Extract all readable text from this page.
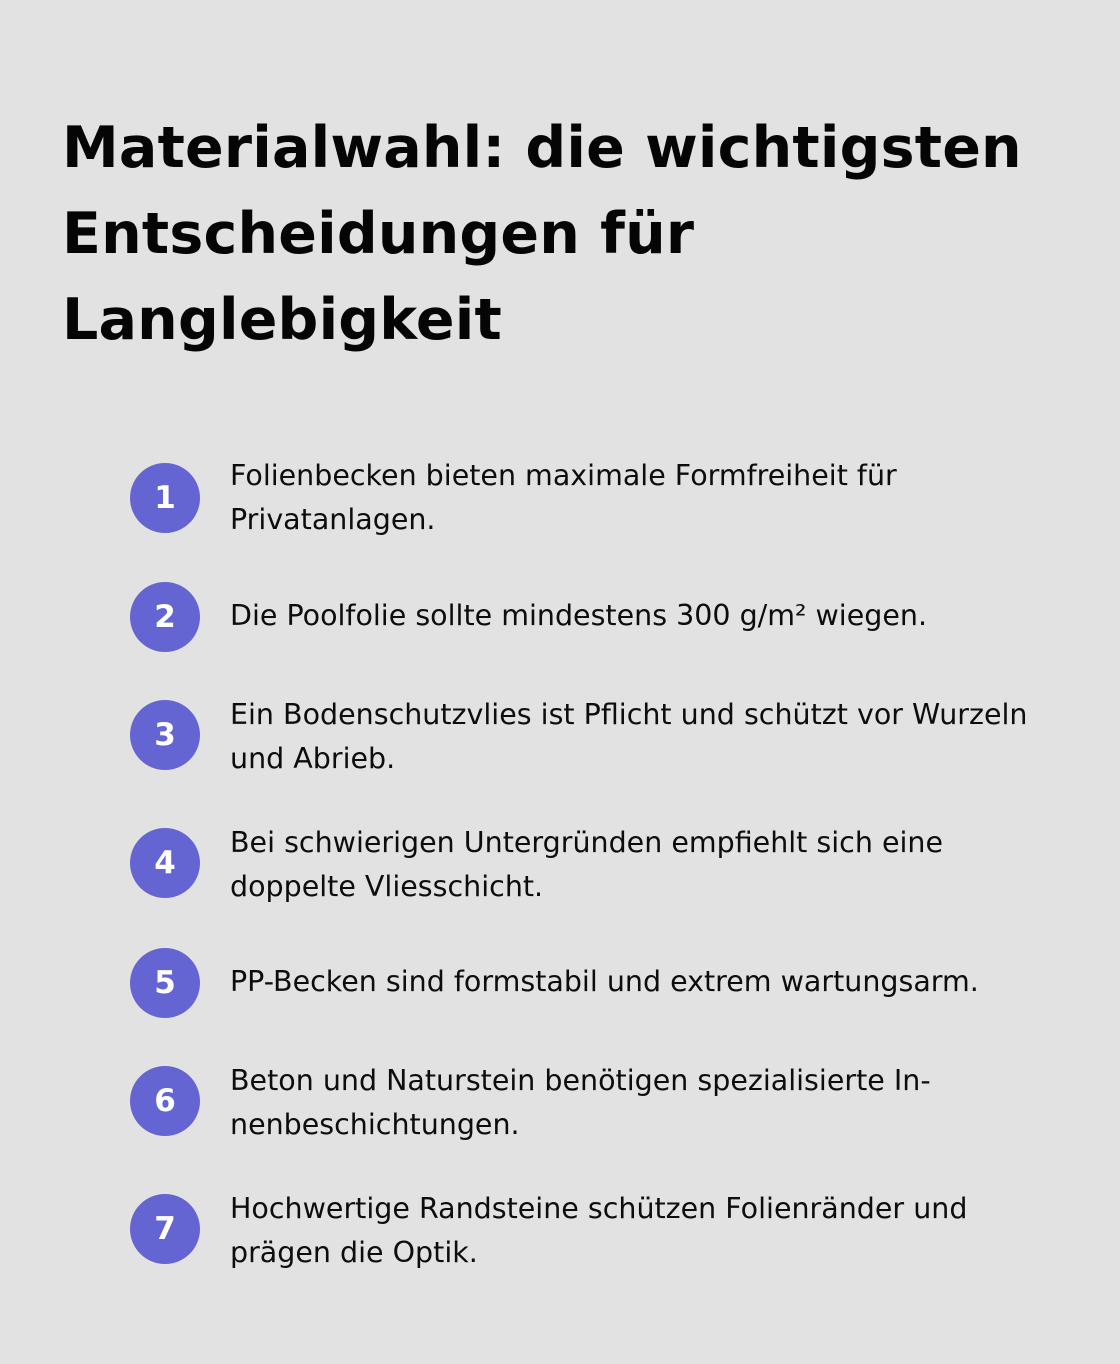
Materialwahl: die wichtigsten Entscheidungen für Langlebigkeit
1
Folienbecken bieten maximale Formfreiheit für Privatanlagen.
2	Die Poolfolie sollte mindestens 300 g/m² wiegen.
3
Ein Bodenschutzvlies ist Pflicht und schützt vor Wurzeln und Abrieb.
4
Bei schwierigen Untergründen empfiehlt sich eine doppelte Vliesschicht.
5	PP-Becken sind formstabil und extrem wartungsarm.
6
Beton und Naturstein benötigen spezialisierte Innenbeschichtungen.
7
Hochwertige Randsteine schützen Folienränder und prägen die Optik.
